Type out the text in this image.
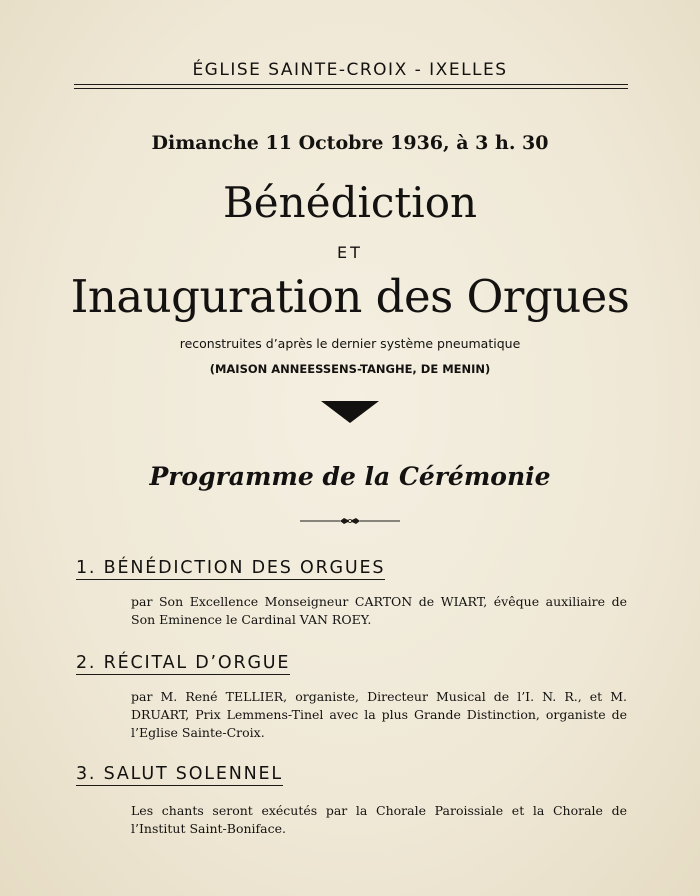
ÉGLISE SAINTE-CROIX - IXELLES
Dimanche 11 Octobre 1936, à 3 h. 30
Bénédiction
ET
Inauguration des Orgues
reconstruites d’après le dernier système pneumatique
(MAISON ANNEESSENS-TANGHE, DE MENIN)
Programme de la Cérémonie
1. BÉNÉDICTION DES ORGUES
par Son Excellence Monseigneur CARTON de WIART, évêque auxiliaire de Son Eminence le Cardinal VAN ROEY.
2. RÉCITAL D’ORGUE
par M. René TELLIER, organiste, Directeur Musical de l’I. N. R., et M. DRUART, Prix Lemmens-Tinel avec la plus Grande Distinction, organiste de l’Eglise Sainte-Croix.
3. SALUT SOLENNEL
Les chants seront exécutés par la Chorale Paroissiale et la Chorale de l’Institut Saint-Boniface.
